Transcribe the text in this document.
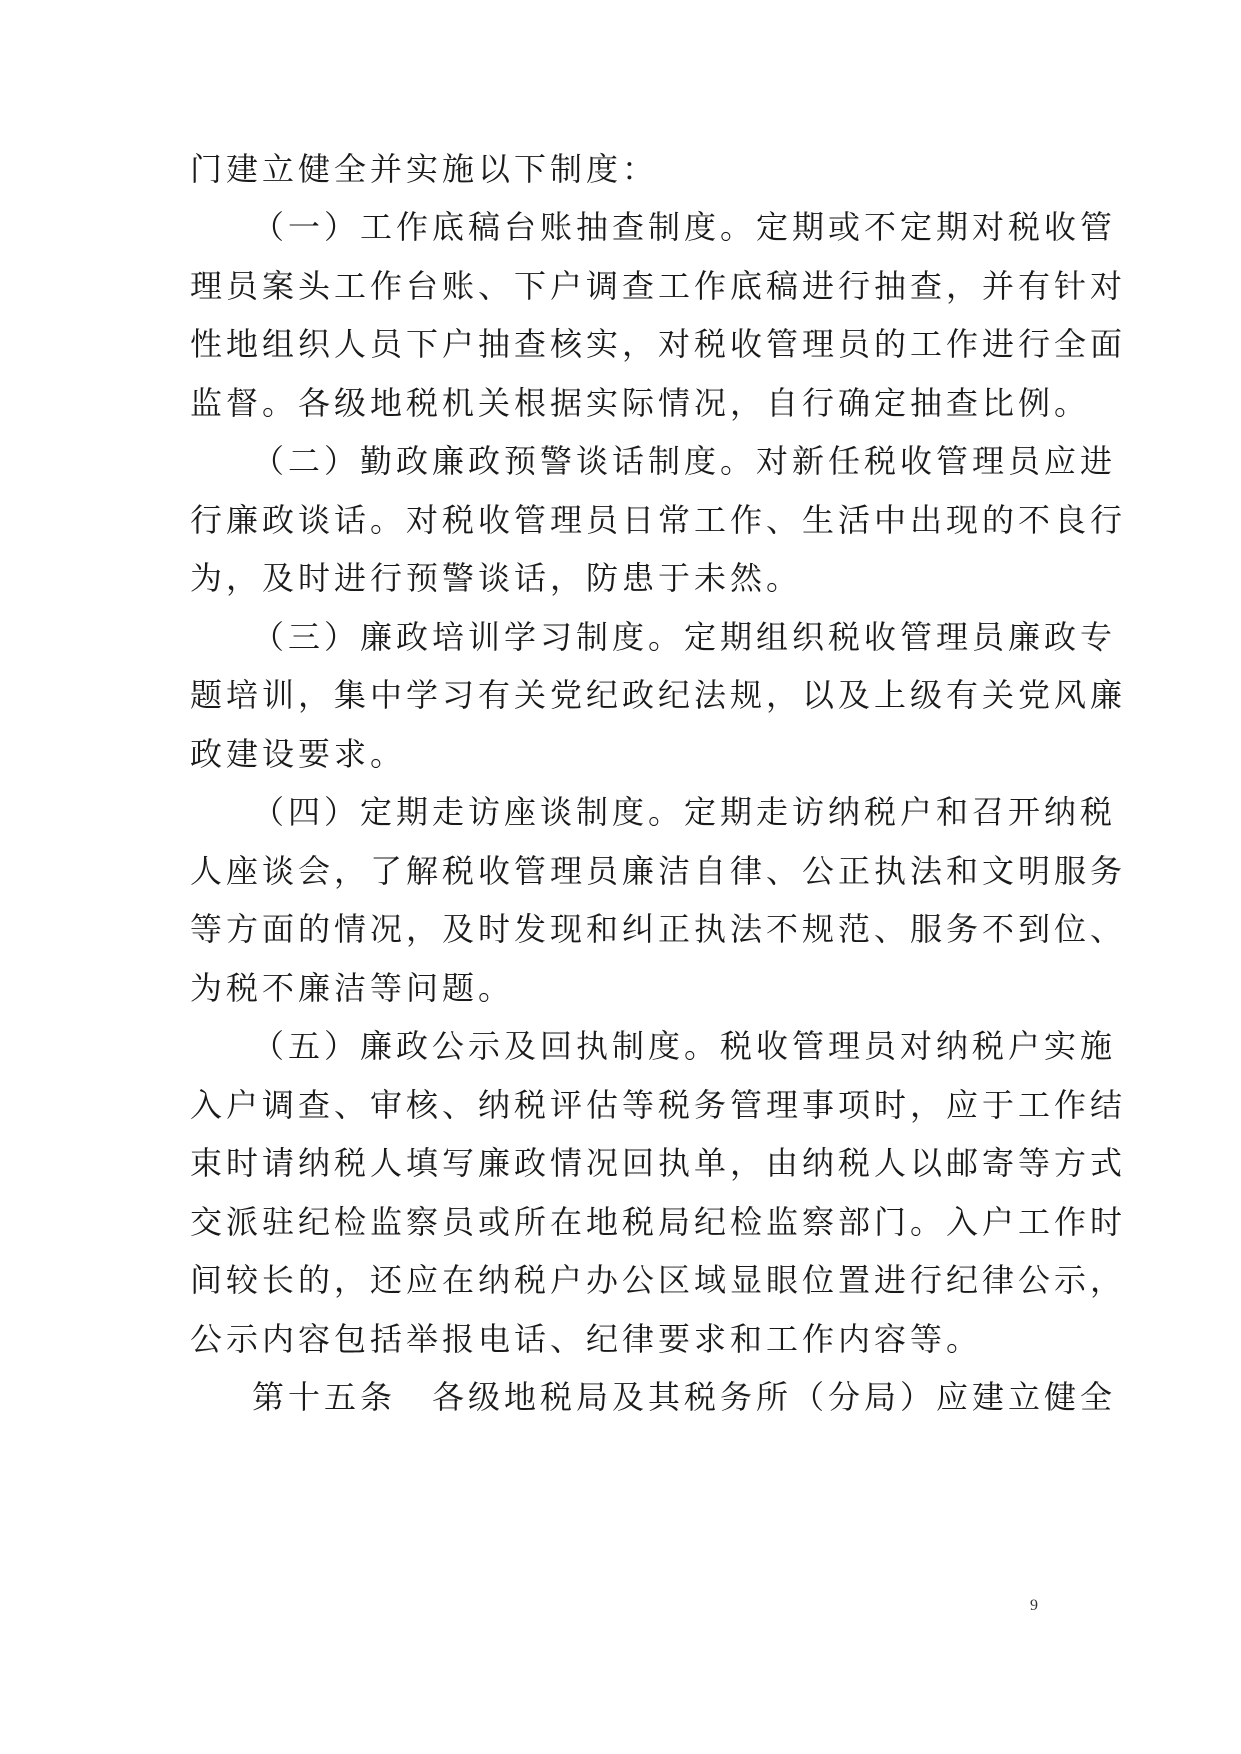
门建立健全并实施以下制度：
（一）工作底稿台账抽查制度。定期或不定期对税收管
理员案头工作台账、下户调查工作底稿进行抽查，并有针对
性地组织人员下户抽查核实，对税收管理员的工作进行全面
监督。各级地税机关根据实际情况，自行确定抽查比例。
（二）勤政廉政预警谈话制度。对新任税收管理员应进
行廉政谈话。对税收管理员日常工作、生活中出现的不良行
为，及时进行预警谈话，防患于未然。
（三）廉政培训学习制度。定期组织税收管理员廉政专
题培训，集中学习有关党纪政纪法规，以及上级有关党风廉
政建设要求。
（四）定期走访座谈制度。定期走访纳税户和召开纳税
人座谈会，了解税收管理员廉洁自律、公正执法和文明服务
等方面的情况，及时发现和纠正执法不规范、服务不到位、
为税不廉洁等问题。
（五）廉政公示及回执制度。税收管理员对纳税户实施
入户调查、审核、纳税评估等税务管理事项时，应于工作结
束时请纳税人填写廉政情况回执单，由纳税人以邮寄等方式
交派驻纪检监察员或所在地税局纪检监察部门。入户工作时
间较长的，还应在纳税户办公区域显眼位置进行纪律公示，
公示内容包括举报电话、纪律要求和工作内容等。
第十五条　各级地税局及其税务所（分局）应建立健全
9
